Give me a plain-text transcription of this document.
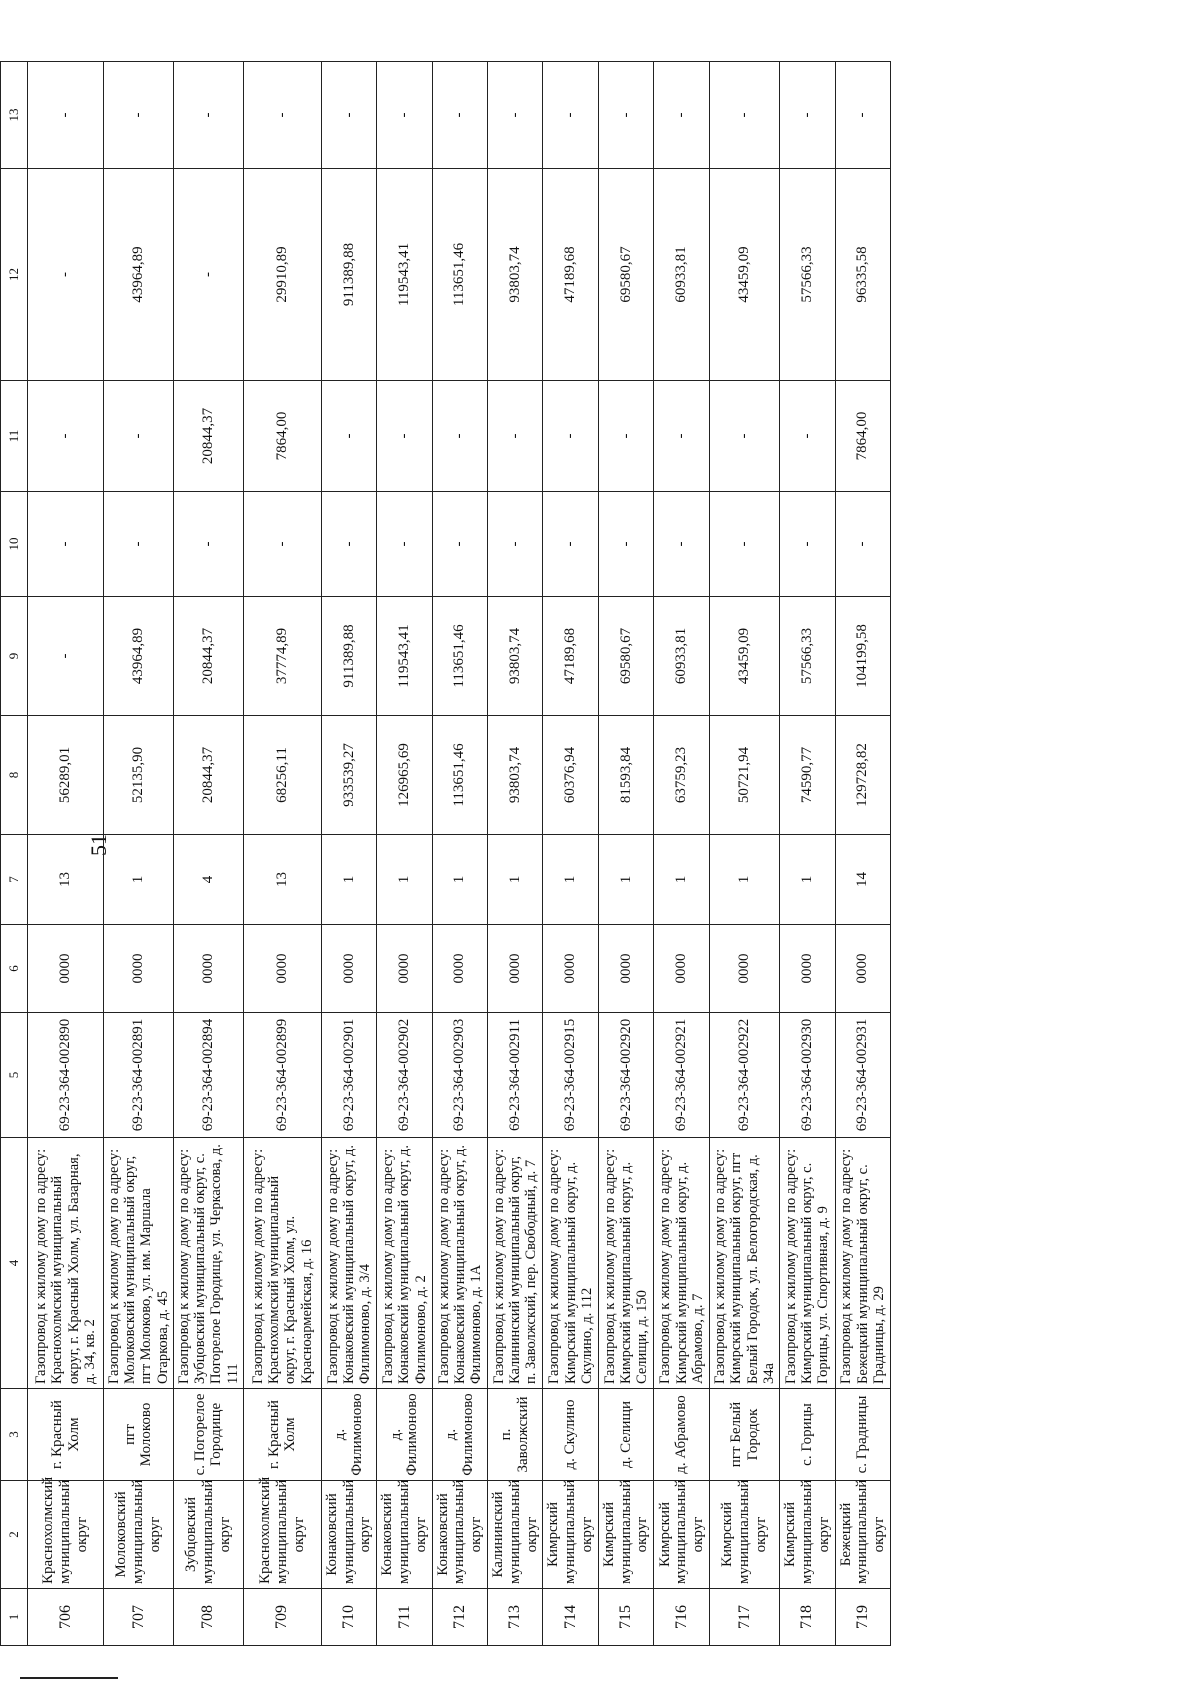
51
1	2	3	4	5	6	7	8	9	10	11	12	13
706	Краснохолмский муниципальный округ	г. Красный Холм	Газопровод к жилому дому по адресу: Краснохолмский муниципальный округ, г. Красный Холм, ул. Базарная, д. 34, кв. 2	69-23-364-002890	0000	13	56289,01	-	-	-	-	-
707	Молоковский муниципальный округ	пгт Молоково	Газопровод к жилому дому по адресу: Молоковский муниципальный округ, пгт Молоково, ул. им. Маршала Огаркова, д. 45	69-23-364-002891	0000	1	52135,90	43964,89	-	-	43964,89	-
708	Зубцовский муниципальный округ	с. Погорелое Городище	Газопровод к жилому дому по адресу: Зубцовский муниципальный округ, с. Погорелое Городище, ул. Черкасова, д. 111	69-23-364-002894	0000	4	20844,37	20844,37	-	20844,37	-	-
709	Краснохолмский муниципальный округ	г. Красный Холм	Газопровод к жилому дому по адресу: Краснохолмский муниципальный округ, г. Красный Холм, ул. Красноармейская, д. 16	69-23-364-002899	0000	13	68256,11	37774,89	-	7864,00	29910,89	-
710	Конаковский муниципальный округ	д. Филимоново	Газопровод к жилому дому по адресу: Конаковский муниципальный округ, д. Филимоново, д. 3/4	69-23-364-002901	0000	1	933539,27	911389,88	-	-	911389,88	-
711	Конаковский муниципальный округ	д. Филимоново	Газопровод к жилому дому по адресу: Конаковский муниципальный округ, д. Филимоново, д. 2	69-23-364-002902	0000	1	126965,69	119543,41	-	-	119543,41	-
712	Конаковский муниципальный округ	д. Филимоново	Газопровод к жилому дому по адресу: Конаковский муниципальный округ, д. Филимоново, д. 1А	69-23-364-002903	0000	1	113651,46	113651,46	-	-	113651,46	-
713	Калининский муниципальный округ	п. Заволжский	Газопровод к жилому дому по адресу: Калининский муниципальный округ, п. Заволжский, пер. Свободный, д. 7	69-23-364-002911	0000	1	93803,74	93803,74	-	-	93803,74	-
714	Кимрский муниципальный округ	д. Скулино	Газопровод к жилому дому по адресу: Кимрский муниципальный округ, д. Скулино, д. 112	69-23-364-002915	0000	1	60376,94	47189,68	-	-	47189,68	-
715	Кимрский муниципальный округ	д. Селищи	Газопровод к жилому дому по адресу: Кимрский муниципальный округ, д. Селищи, д. 150	69-23-364-002920	0000	1	81593,84	69580,67	-	-	69580,67	-
716	Кимрский муниципальный округ	д. Абрамово	Газопровод к жилому дому по адресу: Кимрский муниципальный округ, д. Абрамово, д. 7	69-23-364-002921	0000	1	63759,23	60933,81	-	-	60933,81	-
717	Кимрский муниципальный округ	пгт Белый Городок	Газопровод к жилому дому по адресу: Кимрский муниципальный округ, пгт Белый Городок, ул. Белогородская, д. 34а	69-23-364-002922	0000	1	50721,94	43459,09	-	-	43459,09	-
718	Кимрский муниципальный округ	с. Горицы	Газопровод к жилому дому по адресу: Кимрский муниципальный округ, с. Горицы, ул. Спортивная, д. 9	69-23-364-002930	0000	1	74590,77	57566,33	-	-	57566,33	-
719	Бежецкий муниципальный округ	с. Градницы	Газопровод к жилому дому по адресу: Бежецкий муниципальный округ, с. Градницы, д. 29	69-23-364-002931	0000	14	129728,82	104199,58	-	7864,00	96335,58	-
